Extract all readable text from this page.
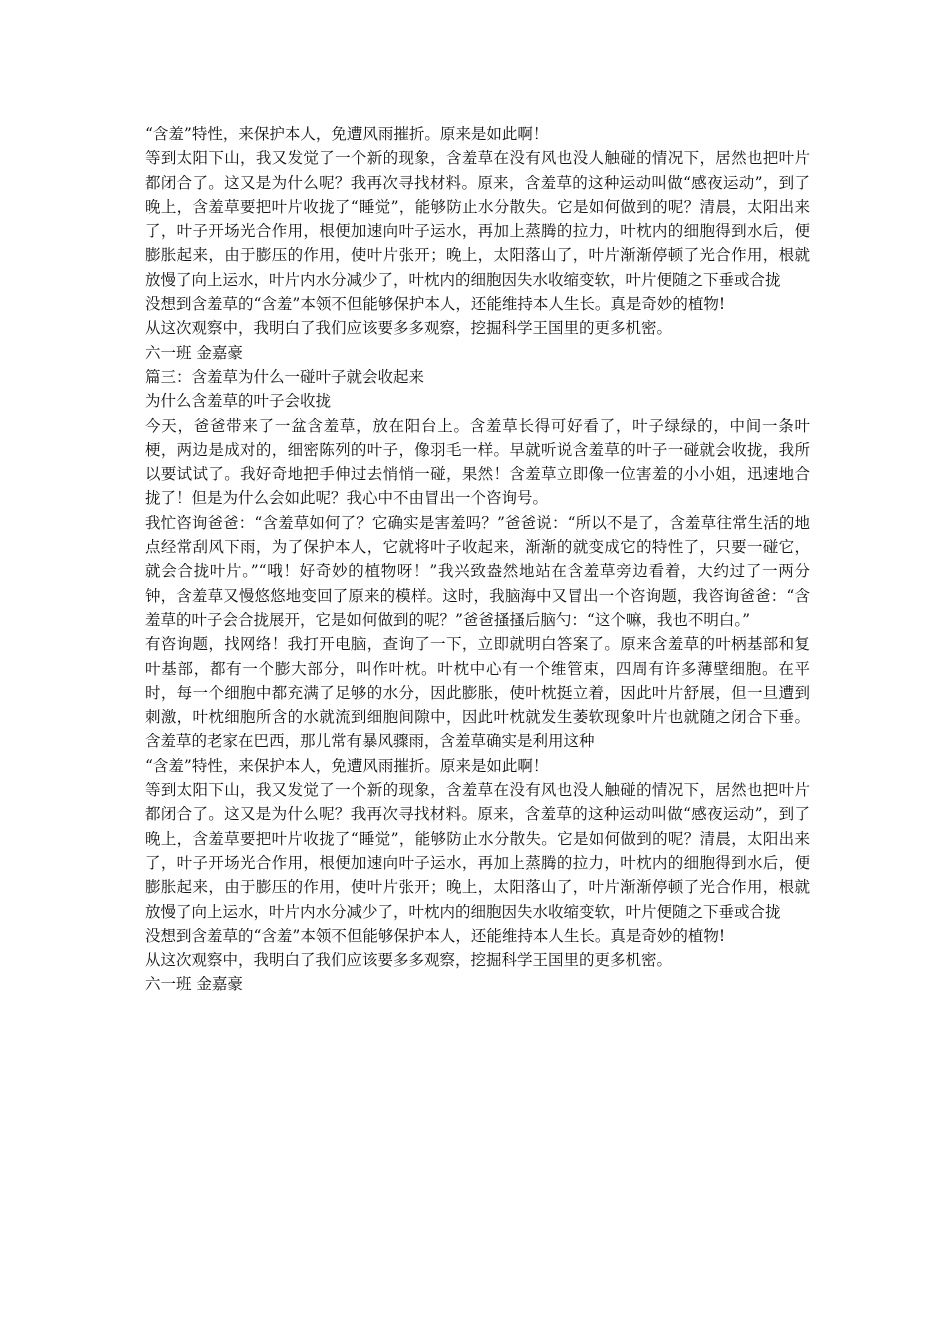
“含羞”特性，来保护本人，免遭风雨摧折。原来是如此啊！

等到太阳下山，我又发觉了一个新的现象，含羞草在没有风也没人触碰的情况下，居然也把叶片都闭合了。这又是为什么呢？我再次寻找材料。原来，含羞草的这种运动叫做“感夜运动”，到了晚上，含羞草要把叶片收拢了“睡觉”，能够防止水分散失。它是如何做到的呢？清晨，太阳出来了，叶子开场光合作用，根便加速向叶子运水，再加上蒸腾的拉力，叶枕内的细胞得到水后，便膨胀起来，由于膨压的作用，使叶片张开；晚上，太阳落山了，叶片渐渐停顿了光合作用，根就放慢了向上运水，叶片内水分减少了，叶枕内的细胞因失水收缩变软，叶片便随之下垂或合拢

没想到含羞草的“含羞”本领不但能够保护本人，还能维持本人生长。真是奇妙的植物!

从这次观察中，我明白了我们应该要多多观察，挖掘科学王国里的更多机密。

六一班 金嘉豪

篇三：含羞草为什么一碰叶子就会收起来

为什么含羞草的叶子会收拢

今天，爸爸带来了一盆含羞草，放在阳台上。含羞草长得可好看了，叶子绿绿的，中间一条叶梗，两边是成对的，细密陈列的叶子，像羽毛一样。早就听说含羞草的叶子一碰就会收拢，我所以要试试了。我好奇地把手伸过去悄悄一碰，果然！含羞草立即像一位害羞的小小姐，迅速地合拢了！但是为什么会如此呢？我心中不由冒出一个咨询号。

我忙咨询爸爸：“含羞草如何了？它确实是害羞吗？”爸爸说：“所以不是了，含羞草往常生活的地点经常刮风下雨，为了保护本人，它就将叶子收起来，渐渐的就变成它的特性了，只要一碰它，就会合拢叶片。”“哦！好奇妙的植物呀！”我兴致盎然地站在含羞草旁边看着，大约过了一两分钟，含羞草又慢悠悠地变回了原来的模样。这时，我脑海中又冒出一个咨询题，我咨询爸爸：“含羞草的叶子会合拢展开，它是如何做到的呢？”爸爸搔搔后脑勺：“这个嘛，我也不明白。”

有咨询题，找网络！我打开电脑，查询了一下，立即就明白答案了。原来含羞草的叶柄基部和复叶基部，都有一个膨大部分，叫作叶枕。叶枕中心有一个维管束，四周有许多薄壁细胞。在平时，每一个细胞中都充满了足够的水分，因此膨胀，使叶枕挺立着，因此叶片舒展，但一旦遭到刺激，叶枕细胞所含的水就流到细胞间隙中，因此叶枕就发生萎软现象叶片也就随之闭合下垂。含羞草的老家在巴西，那儿常有暴风骤雨，含羞草确实是利用这种

“含羞”特性，来保护本人，免遭风雨摧折。原来是如此啊！

等到太阳下山，我又发觉了一个新的现象，含羞草在没有风也没人触碰的情况下，居然也把叶片都闭合了。这又是为什么呢？我再次寻找材料。原来，含羞草的这种运动叫做“感夜运动”，到了晚上，含羞草要把叶片收拢了“睡觉”，能够防止水分散失。它是如何做到的呢？清晨，太阳出来了，叶子开场光合作用，根便加速向叶子运水，再加上蒸腾的拉力，叶枕内的细胞得到水后，便膨胀起来，由于膨压的作用，使叶片张开；晚上，太阳落山了，叶片渐渐停顿了光合作用，根就放慢了向上运水，叶片内水分减少了，叶枕内的细胞因失水收缩变软，叶片便随之下垂或合拢

没想到含羞草的“含羞”本领不但能够保护本人，还能维持本人生长。真是奇妙的植物!

从这次观察中，我明白了我们应该要多多观察，挖掘科学王国里的更多机密。

六一班 金嘉豪
